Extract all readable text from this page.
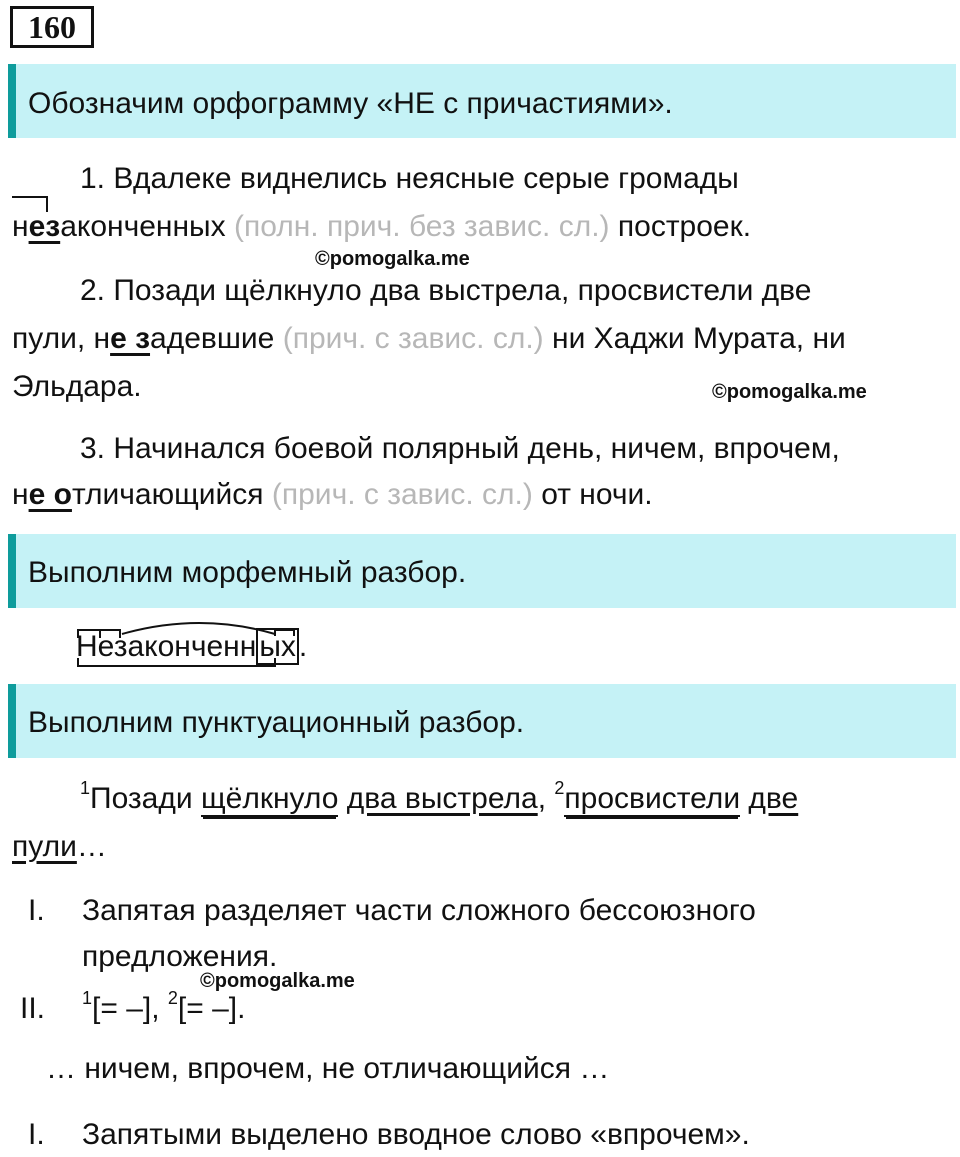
160
Обозначим орфограмму «НЕ с причастиями».
1. Вдалеке виднелись неясные серые громады
незаконченных (полн. прич. без завис. сл.) построек.
©pomogalka.me
2. Позади щёлкнуло два выстрела, просвистели две
пули, не задевшие (прич. с завис. сл.) ни Хаджи Мурата, ни
Эльдара.	©pomogalka.me
3. Начинался боевой полярный день, ничем, впрочем,
не отличающийся (прич. с завис. сл.) от ночи.
Выполним морфемный разбор.
Незаконченн ых .
Выполним пунктуационный разбор.
$^1$Позади щёлкнуло два выстрела, $^2$просвистели две
пули…
I. Запятая разделяет части сложного бессоюзного
предложения.
©pomogalka.me
II. $^1$[= –], $^2$[= –].
… ничем, впрочем, не отличающийся …
I. Запятыми выделено вводное слово «впрочем».
